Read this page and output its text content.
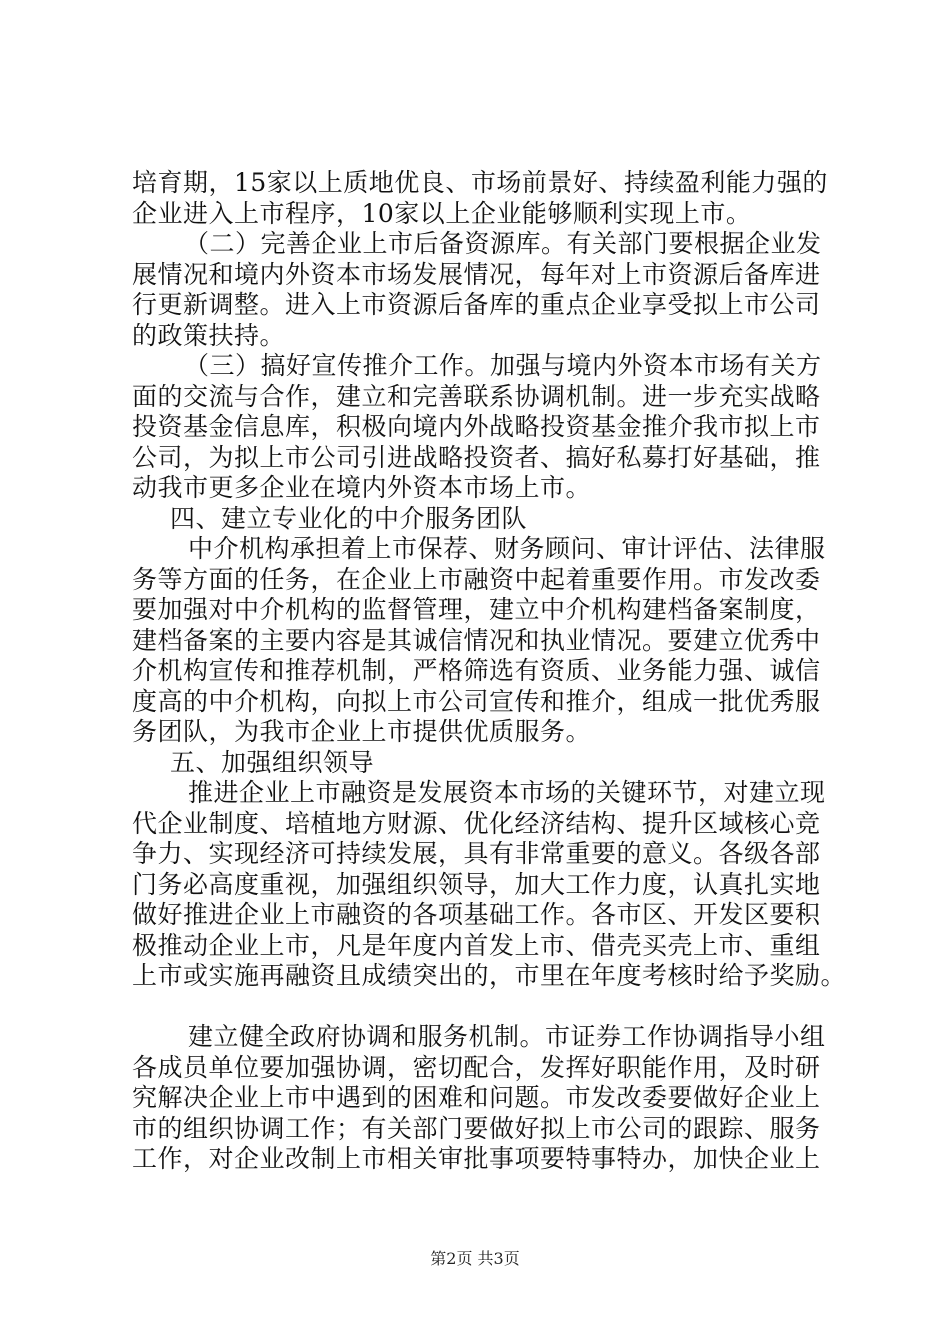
培育期，15家以上质地优良、市场前景好、持续盈利能力强的
企业进入上市程序，10家以上企业能够顺利实现上市。
（二）完善企业上市后备资源库。有关部门要根据企业发
展情况和境内外资本市场发展情况，每年对上市资源后备库进
行更新调整。进入上市资源后备库的重点企业享受拟上市公司
的政策扶持。
（三）搞好宣传推介工作。加强与境内外资本市场有关方
面的交流与合作，建立和完善联系协调机制。进一步充实战略
投资基金信息库，积极向境内外战略投资基金推介我市拟上市
公司，为拟上市公司引进战略投资者、搞好私募打好基础，推
动我市更多企业在境内外资本市场上市。
四、建立专业化的中介服务团队
中介机构承担着上市保荐、财务顾问、审计评估、法律服
务等方面的任务，在企业上市融资中起着重要作用。市发改委
要加强对中介机构的监督管理，建立中介机构建档备案制度，
建档备案的主要内容是其诚信情况和执业情况。要建立优秀中
介机构宣传和推荐机制，严格筛选有资质、业务能力强、诚信
度高的中介机构，向拟上市公司宣传和推介，组成一批优秀服
务团队，为我市企业上市提供优质服务。
五、加强组织领导
推进企业上市融资是发展资本市场的关键环节，对建立现
代企业制度、培植地方财源、优化经济结构、提升区域核心竞
争力、实现经济可持续发展，具有非常重要的意义。各级各部
门务必高度重视，加强组织领导，加大工作力度，认真扎实地
做好推进企业上市融资的各项基础工作。各市区、开发区要积
极推动企业上市，凡是年度内首发上市、借壳买壳上市、重组
上市或实施再融资且成绩突出的，市里在年度考核时给予奖励。
建立健全政府协调和服务机制。市证券工作协调指导小组
各成员单位要加强协调，密切配合，发挥好职能作用，及时研
究解决企业上市中遇到的困难和问题。市发改委要做好企业上
市的组织协调工作；有关部门要做好拟上市公司的跟踪、服务
工作，对企业改制上市相关审批事项要特事特办，加快企业上
第2页 共3页
